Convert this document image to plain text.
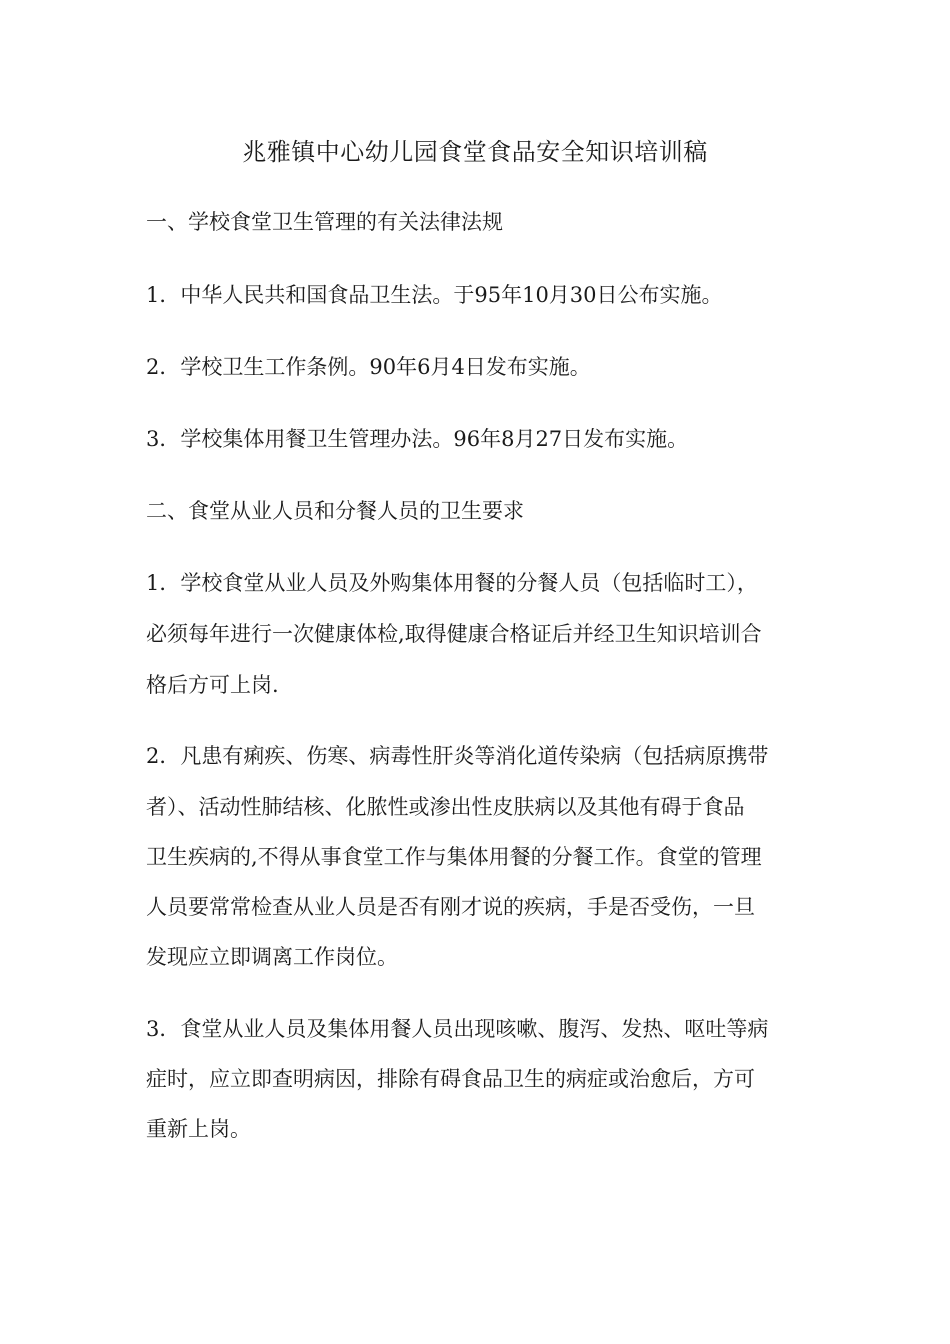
兆雅镇中心幼儿园食堂食品安全知识培训稿
一、学校食堂卫生管理的有关法律法规
1．中华人民共和国食品卫生法。于95年10月30日公布实施。
2．学校卫生工作条例。90年6月4日发布实施。
3．学校集体用餐卫生管理办法。96年8月27日发布实施。
二、食堂从业人员和分餐人员的卫生要求
1．学校食堂从业人员及外购集体用餐的分餐人员（包括临时工），
必须每年进行一次健康体检,取得健康合格证后并经卫生知识培训合
格后方可上岗.
2．凡患有痢疾、伤寒、病毒性肝炎等消化道传染病（包括病原携带
者）、活动性肺结核、化脓性或渗出性皮肤病以及其他有碍于食品
卫生疾病的,不得从事食堂工作与集体用餐的分餐工作。食堂的管理
人员要常常检查从业人员是否有刚才说的疾病，手是否受伤，一旦
发现应立即调离工作岗位。
3．食堂从业人员及集体用餐人员出现咳嗽、腹泻、发热、呕吐等病
症时，应立即查明病因，排除有碍食品卫生的病症或治愈后，方可
重新上岗。
